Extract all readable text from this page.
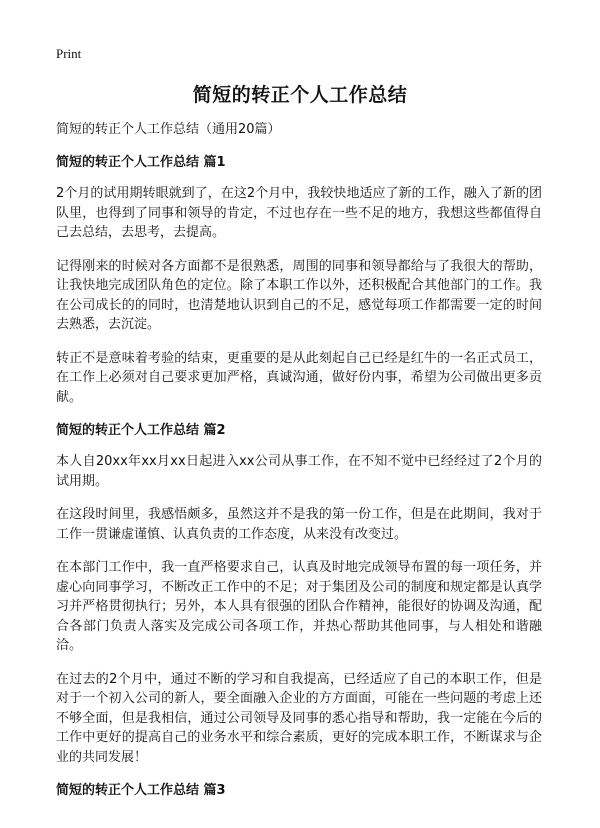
Print
简短的转正个人工作总结

简短的转正个人工作总结（通用20篇）

简短的转正个人工作总结 篇1

2个月的试用期转眼就到了，在这2个月中，我较快地适应了新的工作，融入了新的团队里，也得到了同事和领导的肯定，不过也存在一些不足的地方，我想这些都值得自己去总结，去思考，去提高。

记得刚来的时候对各方面都不是很熟悉，周围的同事和领导都给与了我很大的帮助，让我快地完成团队角色的定位。除了本职工作以外，还积极配合其他部门的工作。我在公司成长的的同时，也清楚地认识到自己的不足，感觉每项工作都需要一定的时间去熟悉，去沉淀。

转正不是意味着考验的结束，更重要的是从此刻起自己已经是红牛的一名正式员工，在工作上必须对自己要求更加严格，真诚沟通，做好份内事，希望为公司做出更多贡献。

简短的转正个人工作总结 篇2

本人自20xx年xx月xx日起进入xx公司从事工作，在不知不觉中已经经过了2个月的试用期。

在这段时间里，我感悟颇多，虽然这并不是我的第一份工作，但是在此期间，我对于工作一贯谦虚谨慎、认真负责的工作态度，从来没有改变过。

在本部门工作中，我一直严格要求自己，认真及时地完成领导布置的每一项任务，并虚心向同事学习，不断改正工作中的不足；对于集团及公司的制度和规定都是认真学习并严格贯彻执行；另外，本人具有很强的团队合作精神，能很好的协调及沟通，配合各部门负责人落实及完成公司各项工作，并热心帮助其他同事，与人相处和谐融洽。

在过去的2个月中，通过不断的学习和自我提高，已经适应了自己的本职工作，但是对于一个初入公司的新人，要全面融入企业的方方面面，可能在一些问题的考虑上还不够全面，但是我相信，通过公司领导及同事的悉心指导和帮助，我一定能在今后的工作中更好的提高自己的业务水平和综合素质，更好的完成本职工作，不断谋求与企业的共同发展！

简短的转正个人工作总结 篇3
